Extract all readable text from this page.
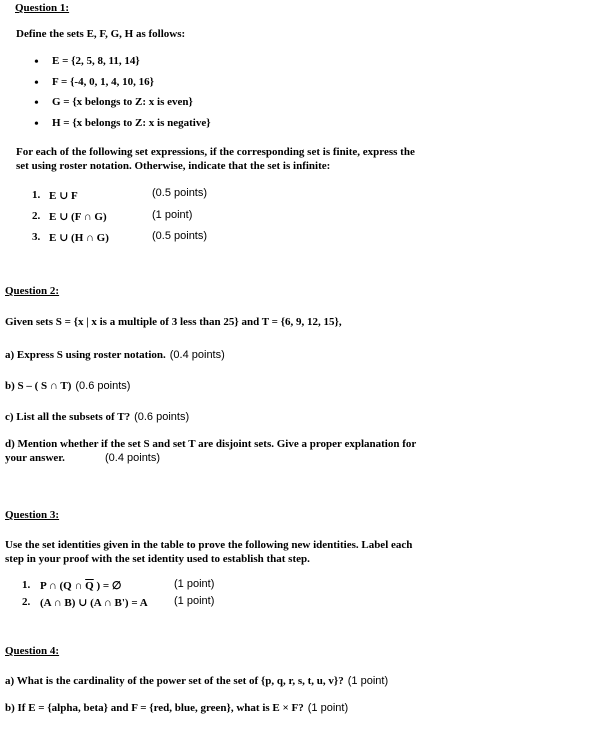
Question 1:
Define the sets E, F, G, H as follows:
• E = {2, 5, 8, 11, 14}
• F = {-4, 0, 1, 4, 10, 16}
• G = {x belongs to Z: x is even}
• H = {x belongs to Z: x is negative}
For each of the following set expressions, if the corresponding set is finite, express the
set using roster notation. Otherwise, indicate that the set is infinite:
1. E ∪ F	(0.5 points)
2. E ∪ (F ∩ G)	(1 point)
3. E ∪ (H ∩ G)	(0.5 points)
Question 2:
Given sets S = {x | x is a multiple of 3 less than 25} and T = {6, 9, 12, 15},
a) Express S using roster notation. (0.4 points)
b) S – ( S ∩ T) (0.6 points)
c) List all the subsets of T? (0.6 points)
d) Mention whether if the set S and set T are disjoint sets. Give a proper explanation for
your answer.	(0.4 points)
Question 3:
Use the set identities given in the table to prove the following new identities. Label each
step in your proof with the set identity used to establish that step.
1. P ∩ (Q ∩ $\overline{Q}$ ) = ∅	(1 point)
2. (A ∩ B) ∪ (A ∩ B') = A (1 point)
Question 4:
a) What is the cardinality of the power set of the set of {p, q, r, s, t, u, v}? (1 point)
b) If E = {alpha, beta} and F = {red, blue, green}, what is E × F? (1 point)
